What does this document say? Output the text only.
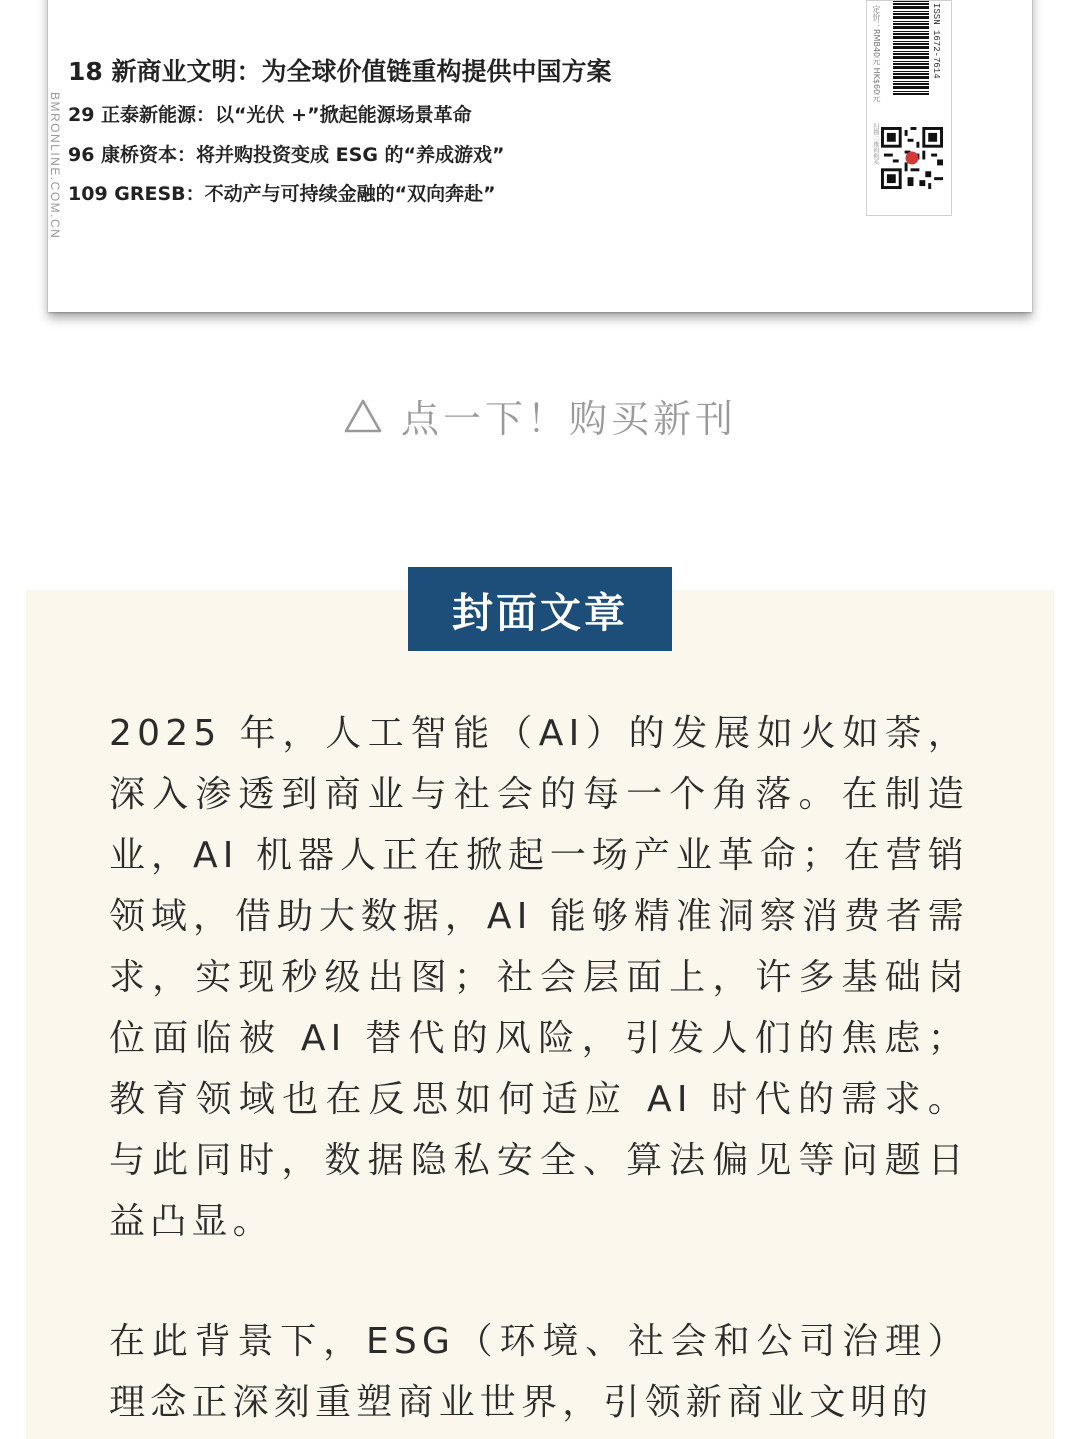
BMRONLINE.COM.CN
18 新商业文明：为全球价值链重构提供中国方案
29 正泰新能源：以“光伏 +”掀起能源场景革命
96 康桥资本：将并购投资变成 ESG 的“养成游戏”
109 GRESB：不动产与可持续金融的“双向奔赴”
定价：RMB40元 HK$60元	ISSN 1672-7614
扫描二维码购买
点一下！购买新刊
封面文章
2025 年，人工智能（AI）的发展如火如荼，深入渗透到商业与社会的每一个角落。在制造业，AI 机器人正在掀起一场产业革命；在营销领域，借助大数据，AI 能够精准洞察消费者需求，实现秒级出图；社会层面上，许多基础岗位面临被 AI 替代的风险，引发人们的焦虑；教育领域也在反思如何适应 AI 时代的需求。与此同时，数据隐私安全、算法偏见等问题日益凸显。
在此背景下，ESG（环境、社会和公司治理）理念正深刻重塑商业世界，引领新商业文明的
